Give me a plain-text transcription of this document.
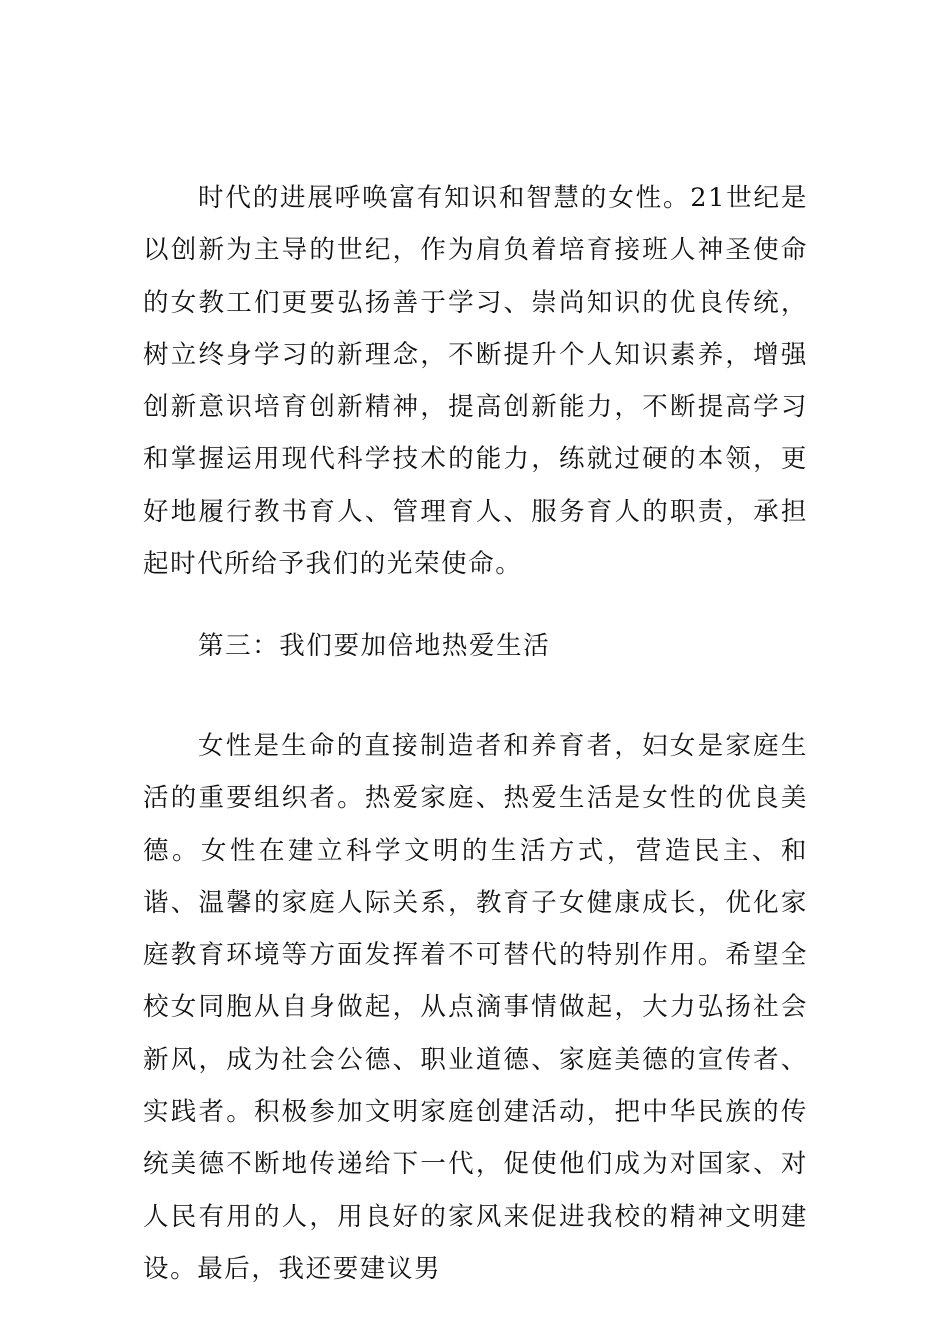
时代的进展呼唤富有知识和智慧的女性。21世纪是以创新为主导的世纪，作为肩负着培育接班人神圣使命的女教工们更要弘扬善于学习、崇尚知识的优良传统，树立终身学习的新理念，不断提升个人知识素养，增强创新意识培育创新精神，提高创新能力，不断提高学习和掌握运用现代科学技术的能力，练就过硬的本领，更好地履行教书育人、管理育人、服务育人的职责，承担起时代所给予我们的光荣使命。

第三：我们要加倍地热爱生活

女性是生命的直接制造者和养育者，妇女是家庭生活的重要组织者。热爱家庭、热爱生活是女性的优良美德。女性在建立科学文明的生活方式，营造民主、和谐、温馨的家庭人际关系，教育子女健康成长，优化家庭教育环境等方面发挥着不可替代的特别作用。希望全校女同胞从自身做起，从点滴事情做起，大力弘扬社会新风，成为社会公德、职业道德、家庭美德的宣传者、实践者。积极参加文明家庭创建活动，把中华民族的传统美德不断地传递给下一代，促使他们成为对国家、对人民有用的人，用良好的家风来促进我校的精神文明建设。最后，我还要建议男
